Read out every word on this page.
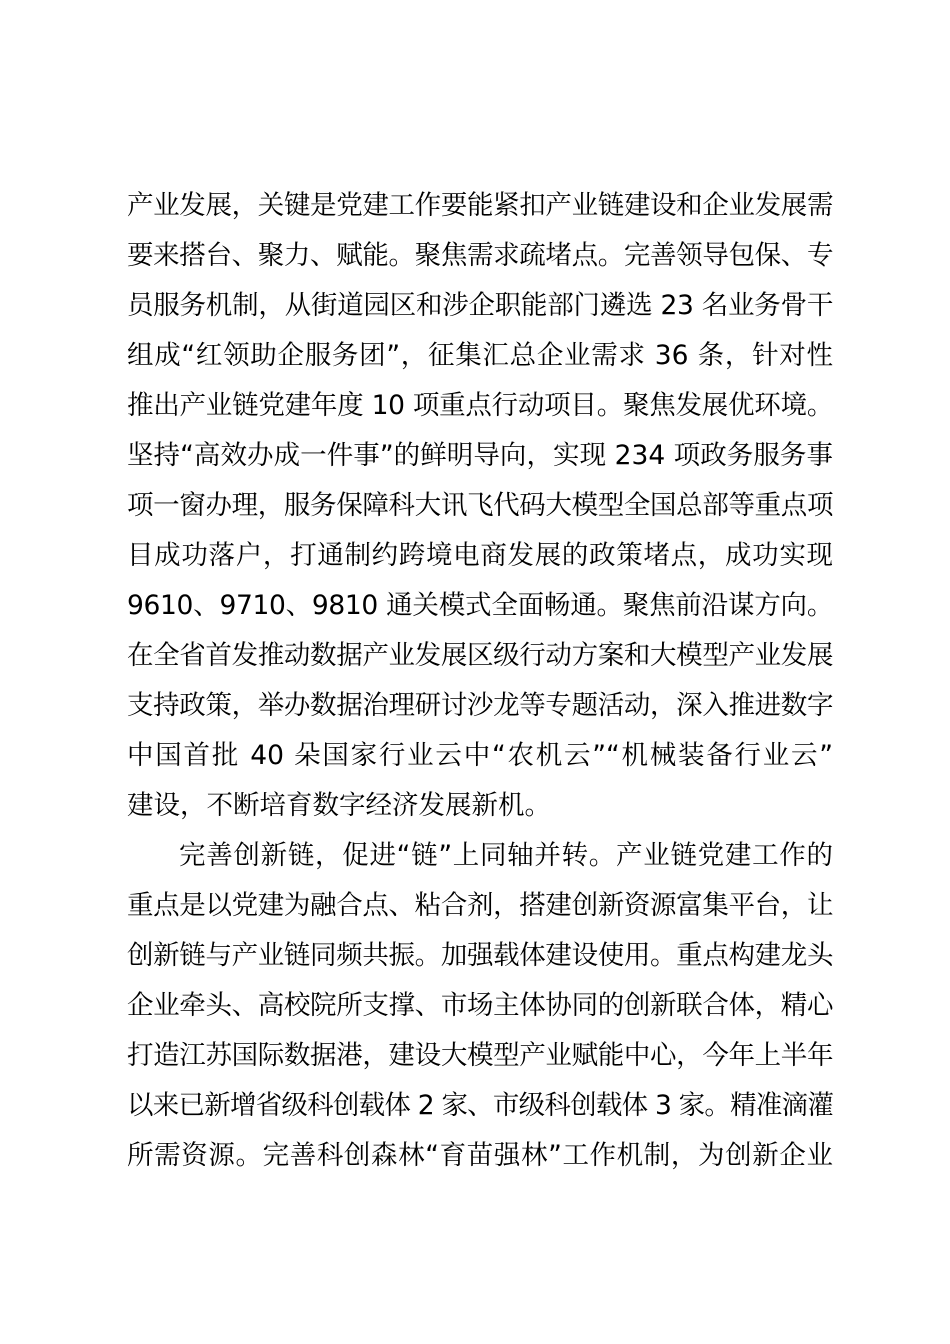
产业发展，关键是党建工作要能紧扣产业链建设和企业发展需
要来搭台、聚力、赋能。聚焦需求疏堵点。完善领导包保、专
员服务机制，从街道园区和涉企职能部门遴选 23 名业务骨干
组成“红领助企服务团”，征集汇总企业需求 36 条，针对性
推出产业链党建年度 10 项重点行动项目。聚焦发展优环境。
坚持“高效办成一件事”的鲜明导向，实现 234 项政务服务事
项一窗办理，服务保障科大讯飞代码大模型全国总部等重点项
目成功落户，打通制约跨境电商发展的政策堵点，成功实现
9610、9710、9810 通关模式全面畅通。聚焦前沿谋方向。
在全省首发推动数据产业发展区级行动方案和大模型产业发展
支持政策，举办数据治理研讨沙龙等专题活动，深入推进数字
中国首批 40 朵国家行业云中“农机云”“机械装备行业云”
建设，不断培育数字经济发展新机。
完善创新链，促进“链”上同轴并转。产业链党建工作的
重点是以党建为融合点、粘合剂，搭建创新资源富集平台，让
创新链与产业链同频共振。加强载体建设使用。重点构建龙头
企业牵头、高校院所支撑、市场主体协同的创新联合体，精心
打造江苏国际数据港，建设大模型产业赋能中心，今年上半年
以来已新增省级科创载体 2 家、市级科创载体 3 家。精准滴灌
所需资源。完善科创森林“育苗强林”工作机制，为创新企业
